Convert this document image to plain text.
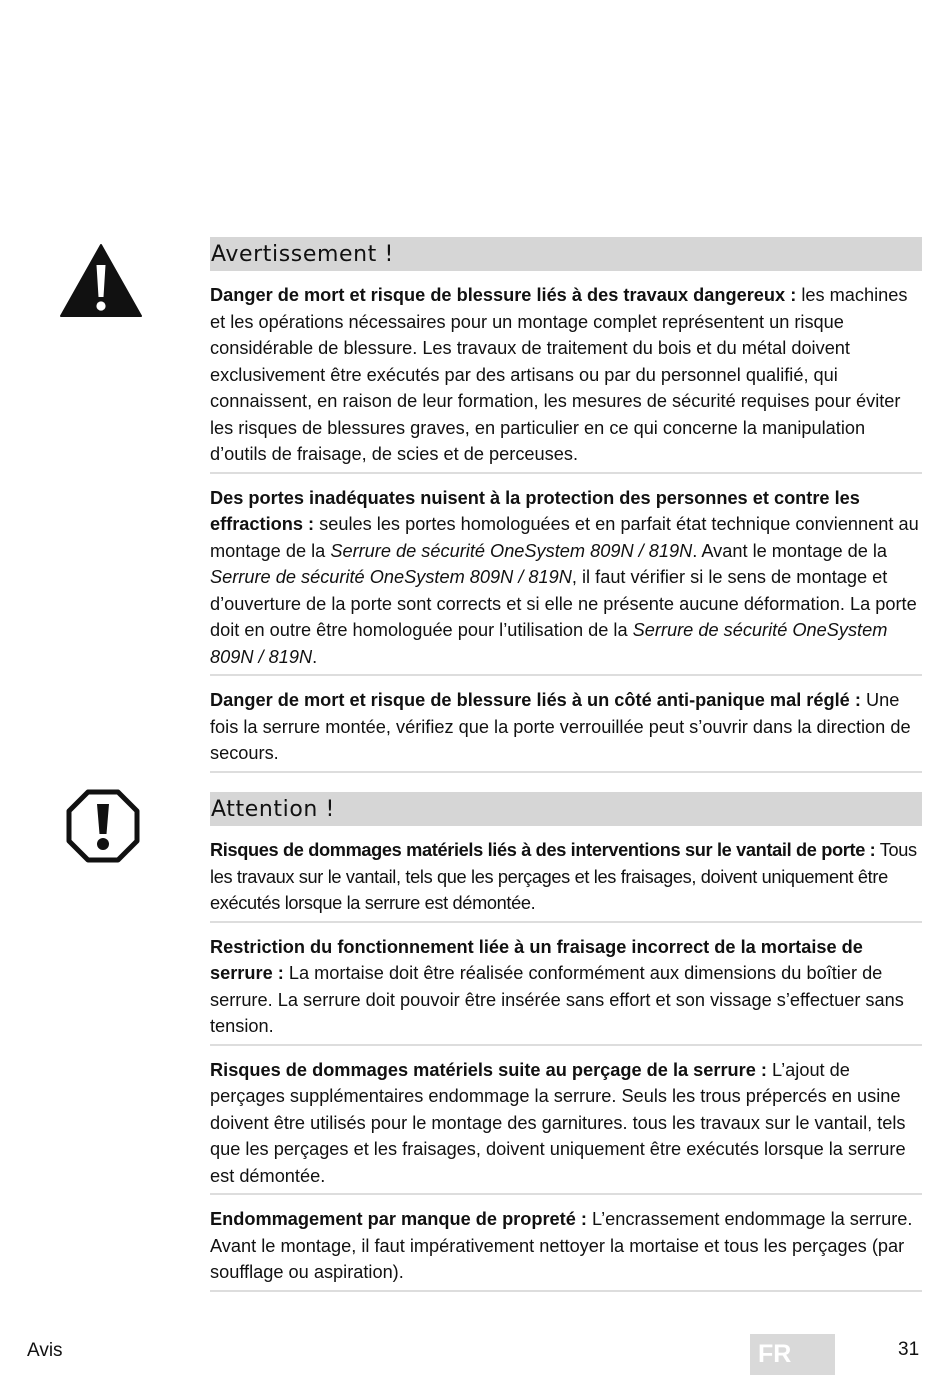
Avertissement !
Danger de mort et risque de blessure liés à des travaux dangereux : les machines et les opérations nécessaires pour un montage complet représentent un risque considérable de blessure. Les travaux de traitement du bois et du métal doivent exclusivement être exécutés par des artisans ou par du personnel qualifié, qui connaissent, en raison de leur formation, les mesures de sécurité requises pour éviter les risques de blessures graves, en particulier en ce qui concerne la manipulation d’outils de fraisage, de scies et de perceuses.
Des portes inadéquates nuisent à la protection des personnes et contre les effractions : seules les portes homologuées et en parfait état technique conviennent au montage de la Serrure de sécurité OneSystem 809N / 819N. Avant le montage de la Serrure de sécurité OneSystem 809N / 819N, il faut vérifier si le sens de montage et d’ouverture de la porte sont corrects et si elle ne présente aucune déformation. La porte doit en outre être homologuée pour l’utilisation de la Serrure de sécurité OneSystem 809N / 819N.
Danger de mort et risque de blessure liés à un côté anti-panique mal réglé : Une fois la serrure montée, vérifiez que la porte verrouillée peut s’ouvrir dans la direction de secours.
Attention !
Risques de dommages matériels liés à des interventions sur le vantail de porte : Tous les travaux sur le vantail, tels que les perçages et les fraisages, doivent uniquement être exécutés lorsque la serrure est démontée.
Restriction du fonctionnement liée à un fraisage incorrect de la mortaise de serrure : La mortaise doit être réalisée conformément aux dimensions du boîtier de serrure. La serrure doit pouvoir être insérée sans effort et son vissage s’effectuer sans tension.
Risques de dommages matériels suite au perçage de la serrure : L’ajout de perçages supplémentaires endommage la serrure. Seuls les trous prépercés en usine doivent être utilisés pour le montage des garnitures. tous les travaux sur le vantail, tels que les perçages et les fraisages, doivent uniquement être exécutés lorsque la serrure est démontée.
Endommagement par manque de propreté : L’encrassement endommage la serrure. Avant le montage, il faut impérativement nettoyer la mortaise et tous les perçages (par soufflage ou aspiration).
Avis	FR	31
